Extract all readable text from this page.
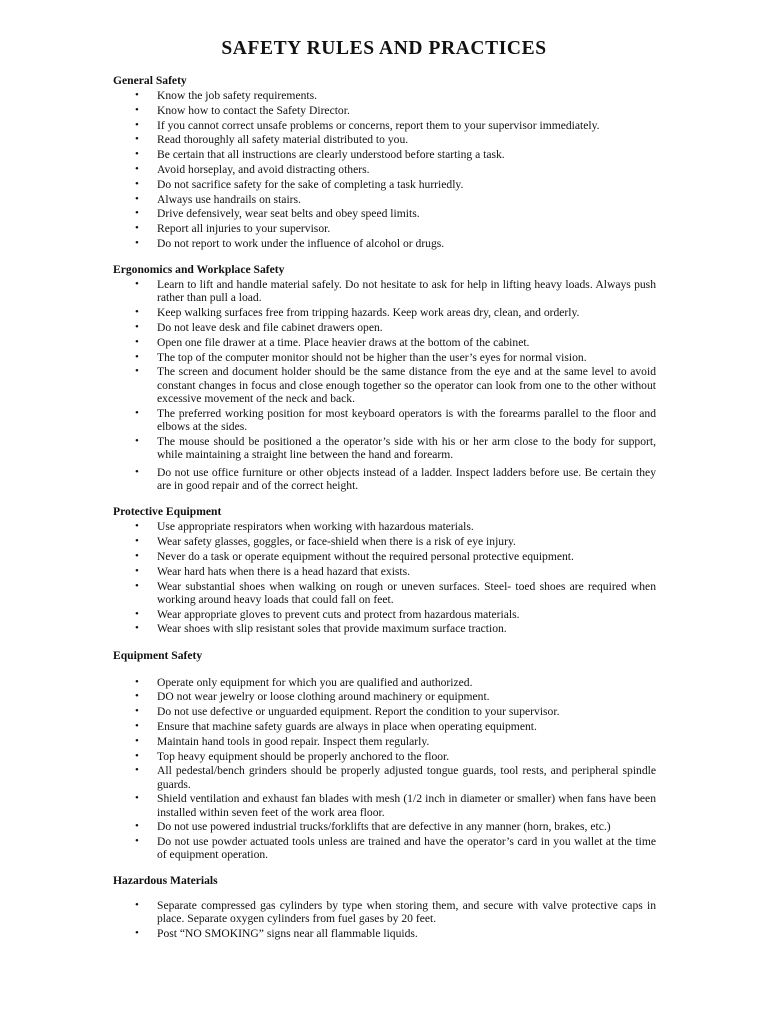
SAFETY RULES AND PRACTICES
General Safety
• Know the job safety requirements.
• Know how to contact the Safety Director.
• If you cannot correct unsafe problems or concerns, report them to your supervisor immediately.
• Read thoroughly all safety material distributed to you.
• Be certain that all instructions are clearly understood before starting a task.
• Avoid horseplay, and avoid distracting others.
• Do not sacrifice safety for the sake of completing a task hurriedly.
• Always use handrails on stairs.
• Drive defensively, wear seat belts and obey speed limits.
• Report all injuries to your supervisor.
• Do not report to work under the influence of alcohol or drugs.
Ergonomics and Workplace Safety
• Learn to lift and handle material safely. Do not hesitate to ask for help in lifting heavy loads. Always push rather than pull a load.
• Keep walking surfaces free from tripping hazards. Keep work areas dry, clean, and orderly.
• Do not leave desk and file cabinet drawers open.
• Open one file drawer at a time. Place heavier draws at the bottom of the cabinet.
• The top of the computer monitor should not be higher than the user’s eyes for normal vision.
• The screen and document holder should be the same distance from the eye and at the same level to avoid constant changes in focus and close enough together so the operator can look from one to the other without excessive movement of the neck and back.
• The preferred working position for most keyboard operators is with the forearms parallel to the floor and elbows at the sides.
• The mouse should be positioned a the operator’s side with his or her arm close to the body for support, while maintaining a straight line between the hand and forearm.
• Do not use office furniture or other objects instead of a ladder. Inspect ladders before use. Be certain they are in good repair and of the correct height.
Protective Equipment
• Use appropriate respirators when working with hazardous materials.
• Wear safety glasses, goggles, or face-shield when there is a risk of eye injury.
• Never do a task or operate equipment without the required personal protective equipment.
• Wear hard hats when there is a head hazard that exists.
• Wear substantial shoes when walking on rough or uneven surfaces. Steel- toed shoes are required when working around heavy loads that could fall on feet.
• Wear appropriate gloves to prevent cuts and protect from hazardous materials.
• Wear shoes with slip resistant soles that provide maximum surface traction.
Equipment Safety
• Operate only equipment for which you are qualified and authorized.
• DO not wear jewelry or loose clothing around machinery or equipment.
• Do not use defective or unguarded equipment. Report the condition to your supervisor.
• Ensure that machine safety guards are always in place when operating equipment.
• Maintain hand tools in good repair. Inspect them regularly.
• Top heavy equipment should be properly anchored to the floor.
• All pedestal/bench grinders should be properly adjusted tongue guards, tool rests, and peripheral spindle guards.
• Shield ventilation and exhaust fan blades with mesh (1/2 inch in diameter or smaller) when fans have been installed within seven feet of the work area floor.
• Do not use powered industrial trucks/forklifts that are defective in any manner (horn, brakes, etc.)
• Do not use powder actuated tools unless are trained and have the operator’s card in you wallet at the time of equipment operation.
Hazardous Materials
• Separate compressed gas cylinders by type when storing them, and secure with valve protective caps in place. Separate oxygen cylinders from fuel gases by 20 feet.
• Post “NO SMOKING” signs near all flammable liquids.
